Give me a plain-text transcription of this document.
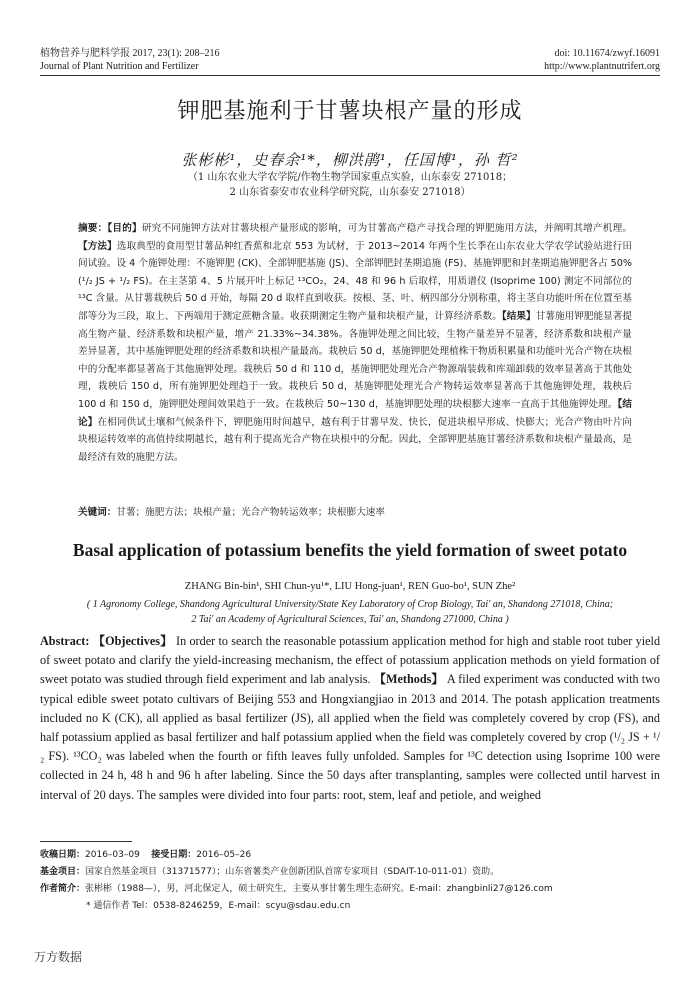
植物营养与肥料学报 2017, 23(1): 208–216
Journal of Plant Nutrition and Fertilizer
doi: 10.11674/zwyf.16091
http://www.plantnutrifert.org
钾肥基施利于甘薯块根产量的形成
张彬彬¹，史春余¹*，柳洪鹃¹，任国博¹，孙 哲²
（1 山东农业大学农学院/作物生物学国家重点实验，山东泰安 271018；
2 山东省泰安市农业科学研究院，山东泰安 271018）
摘要：【目的】研究不同施钾方法对甘薯块根产量形成的影响，可为甘薯高产稳产寻找合理的钾肥施用方法，并阐明其增产机理。【方法】选取典型的食用型甘薯品种红香蕉和北京 553 为试材，于 2013~2014 年两个生长季在山东农业大学农学试验站进行田间试验。设 4 个施钾处理：不施钾肥 (CK)、全部钾肥基施 (JS)、全部钾肥封垄期追施 (FS)、基施钾肥和封垄期追施钾肥各占 50% (¹/₂ JS + ¹/₂ FS)。在主茎第 4、5 片展开叶上标记 ¹³CO₂，24、48 和 96 h 后取样，用质谱仪 (Isoprime 100) 测定不同部位的 ¹³C 含量。从甘薯栽秧后 50 d 开始，每隔 20 d 取样直到收获。按根、茎、叶、柄四部分分别称重，将主茎自功能叶所在位置至基部等分为三段，取上、下两端用于测定蔗糖含量。收获期测定生物产量和块根产量，计算经济系数。【结果】甘薯施用钾肥能显著提高生物产量、经济系数和块根产量，增产 21.33%~34.38%。各施钾处理之间比较，生物产量差异不显著，经济系数和块根产量差异显著，其中基施钾肥处理的经济系数和块根产量最高。栽秧后 50 d，基施钾肥处理植株干物质积累量和功能叶光合产物在块根中的分配率都显著高于其他施钾处理。栽秧后 50 d 和 110 d，基施钾肥处理光合产物源端装载和库端卸载的效率显著高于其他处理，栽秧后 150 d，所有施钾肥处理趋于一致。栽秧后 50 d，基施钾肥处理光合产物转运效率显著高于其他施钾处理，栽秧后 100 d 和 150 d，施钾肥处理间效果趋于一致。在栽秧后 50~130 d，基施钾肥处理的块根膨大速率一直高于其他施钾处理。【结论】在相同供试土壤和气候条件下，钾肥施用时间越早，越有利于甘薯早发、快长，促进块根早形成、快膨大；光合产物由叶片向块根运转效率的高值持续期越长，越有利于提高光合产物在块根中的分配。因此，全部钾肥基施甘薯经济系数和块根产量最高，是最经济有效的施肥方法。
关键词：甘薯；施肥方法；块根产量；光合产物转运效率；块根膨大速率
Basal application of potassium benefits the yield formation of sweet potato
ZHANG Bin-bin¹, SHI Chun-yu¹*, LIU Hong-juan¹, REN Guo-bo¹, SUN Zhe²
( 1 Agronomy College, Shandong Agricultural University/State Key Laboratory of Crop Biology, Tai' an, Shandong 271018, China;
2 Tai' an Academy of Agricultural Sciences, Tai' an, Shandong 271000, China )
Abstract: 【Objectives】 In order to search the reasonable potassium application method for high and stable root tuber yield of sweet potato and clarify the yield-increasing mechanism, the effect of potassium application methods on yield formation of sweet potato was studied through field experiment and lab analysis. 【Methods】 A filed experiment was conducted with two typical edible sweet potato cultivars of Beijing 553 and Hongxiangjiao in 2013 and 2014. The potash application treatments included no K (CK), all applied as basal fertilizer (JS), all applied when the field was completely covered by crop (FS), and half potassium applied as basal fertilizer and half potassium applied when the field was completely covered by crop (¹/₂ JS + ¹/₂ FS). ¹³CO₂ was labeled when the fourth or fifth leaves fully unfolded. Samples for ¹³C detection using Isoprime 100 were collected in 24 h, 48 h and 96 h after labeling. Since the 50 days after transplanting, samples were collected until harvest in interval of 20 days. The samples were divided into four parts: root, stem, leaf and petiole, and weighed
收稿日期：2016–03–09 接受日期：2016–05–26
基金项目：国家自然基金项目（31371577）；山东省薯类产业创新团队首席专家项目（SDAIT-10-011-01）资助。
作者简介：张彬彬（1988—），男，河北保定人，硕士研究生，主要从事甘薯生理生态研究。E-mail：zhangbinli27@126.com
* 通信作者 Tel：0538-8246259，E-mail：scyu@sdau.edu.cn
万方数据
